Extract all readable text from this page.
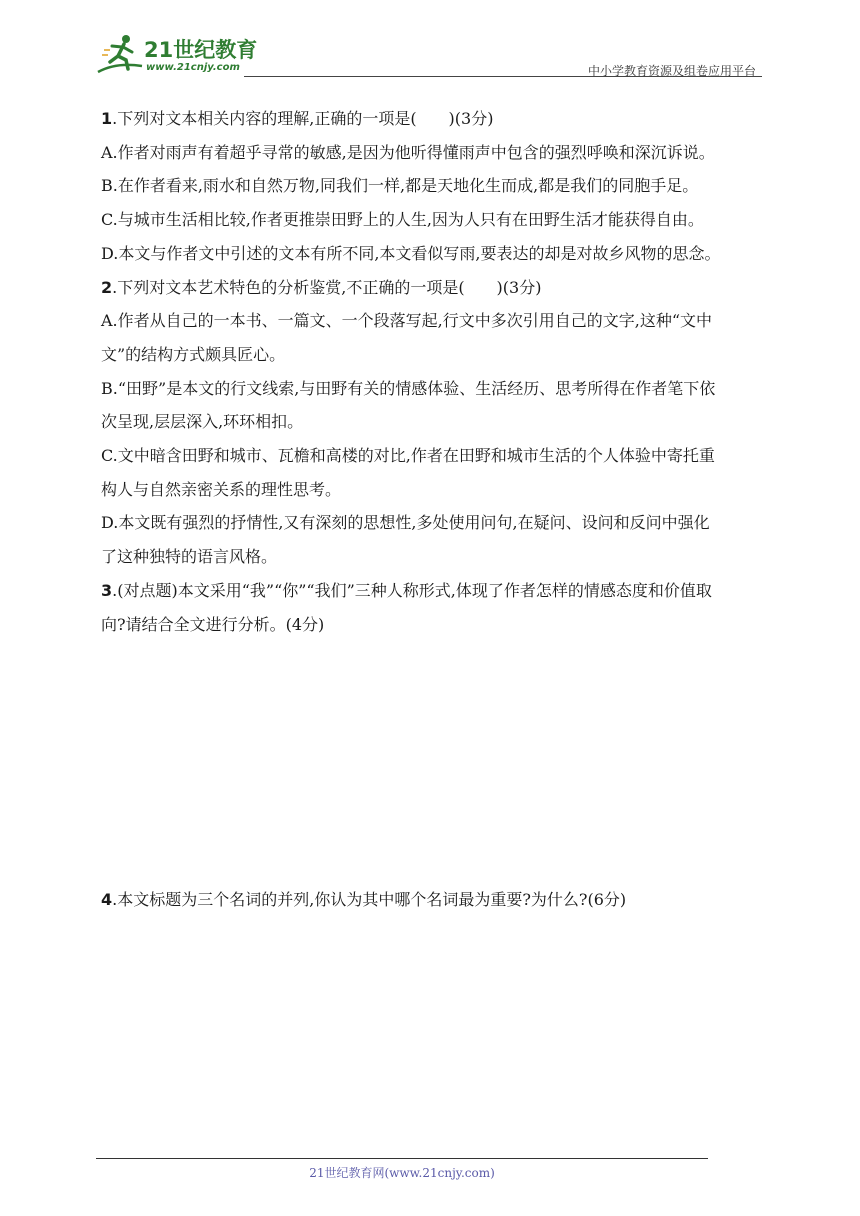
21世纪教育
www.21cnjy.com	中小学教育资源及组卷应用平台

1.下列对文本相关内容的理解,正确的一项是(　　)(3分)

A.作者对雨声有着超乎寻常的敏感,是因为他听得懂雨声中包含的强烈呼唤和深沉诉说。

B.在作者看来,雨水和自然万物,同我们一样,都是天地化生而成,都是我们的同胞手足。

C.与城市生活相比较,作者更推崇田野上的人生,因为人只有在田野生活才能获得自由。

D.本文与作者文中引述的文本有所不同,本文看似写雨,要表达的却是对故乡风物的思念。

2.下列对文本艺术特色的分析鉴赏,不正确的一项是(　　)(3分)

A.作者从自己的一本书、一篇文、一个段落写起,行文中多次引用自己的文字,这种“文中

文”的结构方式颇具匠心。

B.“田野”是本文的行文线索,与田野有关的情感体验、生活经历、思考所得在作者笔下依

次呈现,层层深入,环环相扣。

C.文中暗含田野和城市、瓦檐和高楼的对比,作者在田野和城市生活的个人体验中寄托重

构人与自然亲密关系的理性思考。

D.本文既有强烈的抒情性,又有深刻的思想性,多处使用问句,在疑问、设问和反问中强化

了这种独特的语言风格。

3.(对点题)本文采用“我”“你”“我们”三种人称形式,体现了作者怎样的情感态度和价值取

向?请结合全文进行分析。(4分)

4.本文标题为三个名词的并列,你认为其中哪个名词最为重要?为什么?(6分)

21世纪教育网(www.21cnjy.com)
